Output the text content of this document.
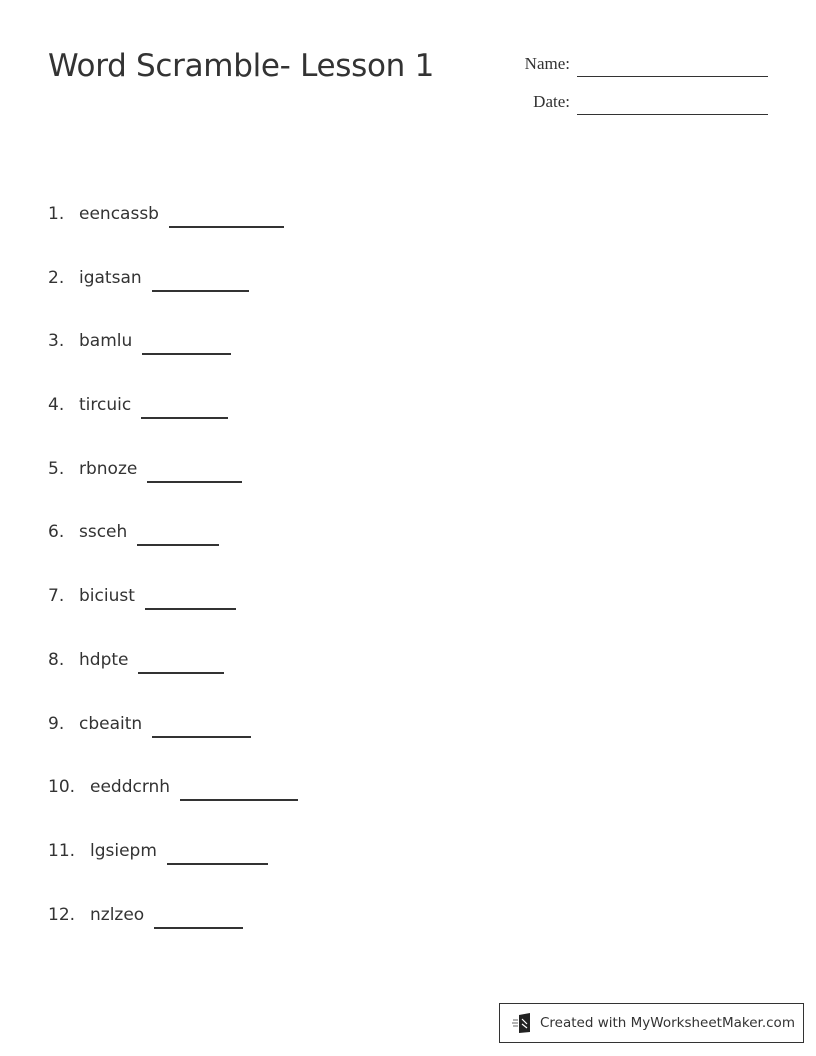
Word Scramble- Lesson 1	Name:
Date:
1. eencassb
2. igatsan
3. bamlu
4. tircuic
5. rbnoze
6. ssceh
7. biciust
8. hdpte
9. cbeaitn
10. eeddcrnh
11. lgsiepm
12. nzlzeo
Created with MyWorksheetMaker.com
